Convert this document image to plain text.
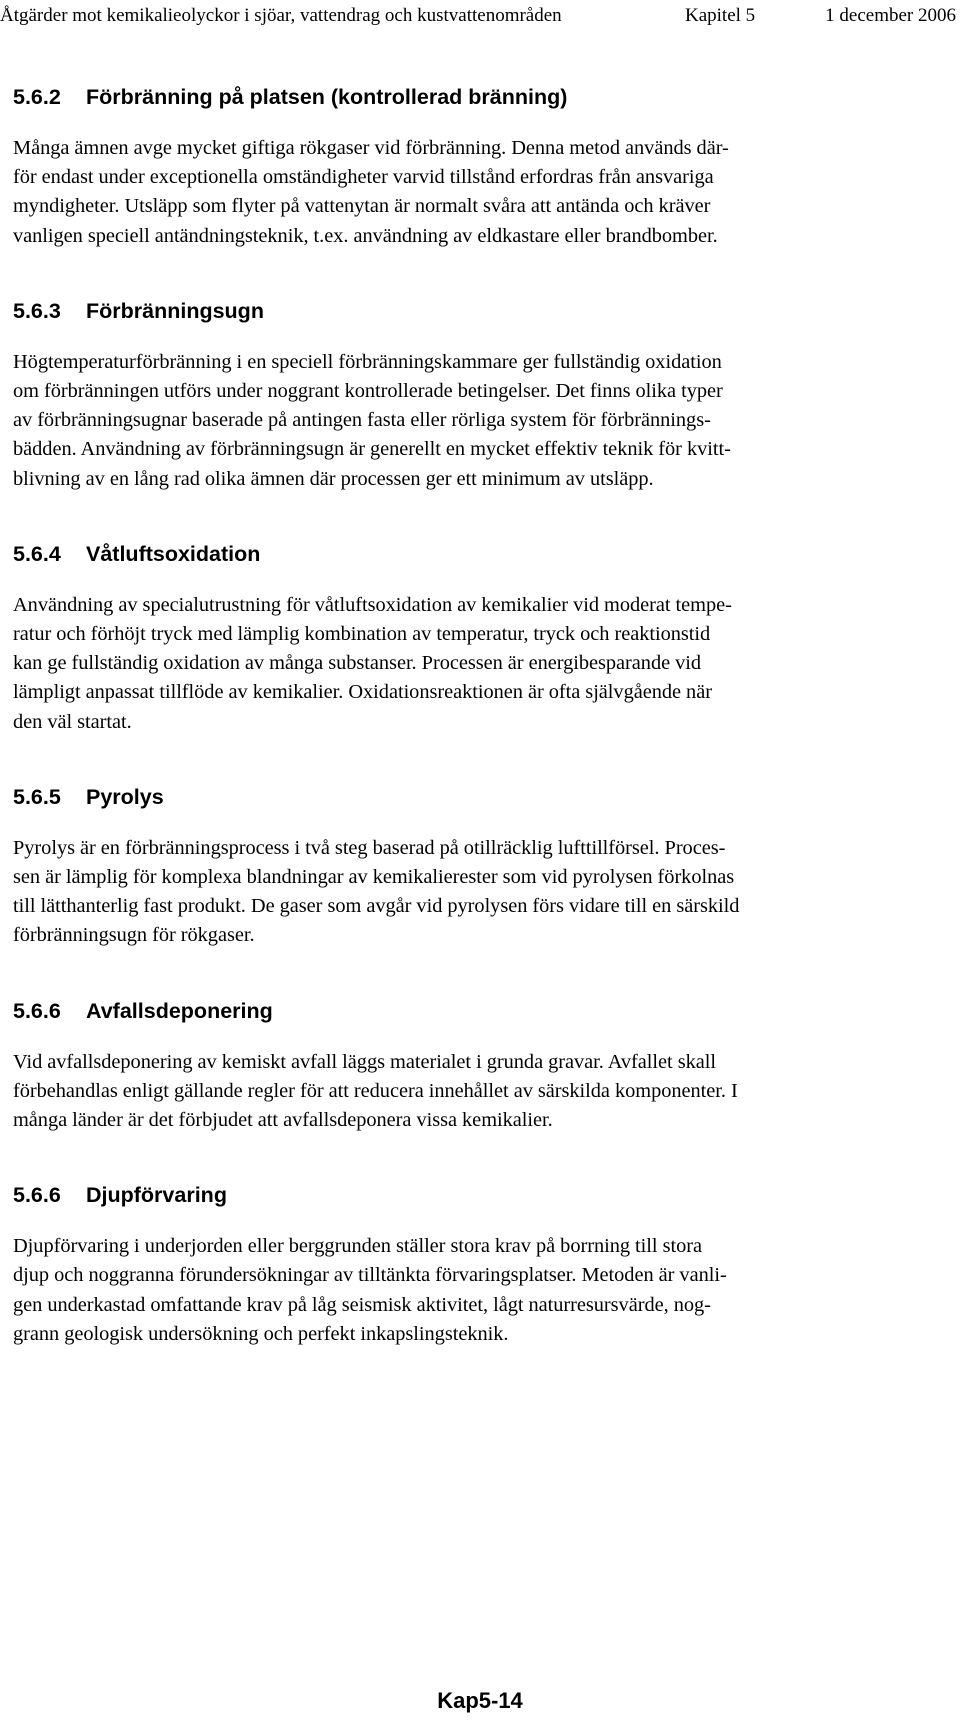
Åtgärder mot kemikalieolyckor i sjöar, vattendrag och kustvattenområden	Kapitel 5	1 december 2006
5.6.2 Förbränning på platsen (kontrollerad bränning)

Många ämnen avge mycket giftiga rökgaser vid förbränning. Denna metod används där-
för endast under exceptionella omständigheter varvid tillstånd erfordras från ansvariga
myndigheter. Utsläpp som flyter på vattenytan är normalt svåra att antända och kräver
vanligen speciell antändningsteknik, t.ex. användning av eldkastare eller brandbomber.

5.6.3 Förbränningsugn

Högtemperaturförbränning i en speciell förbränningskammare ger fullständig oxidation
om förbränningen utförs under noggrant kontrollerade betingelser. Det finns olika typer
av förbränningsugnar baserade på antingen fasta eller rörliga system för förbrännings-
bädden. Användning av förbränningsugn är generellt en mycket effektiv teknik för kvitt-
blivning av en lång rad olika ämnen där processen ger ett minimum av utsläpp.

5.6.4 Våtluftsoxidation

Användning av specialutrustning för våtluftsoxidation av kemikalier vid moderat tempe-
ratur och förhöjt tryck med lämplig kombination av temperatur, tryck och reaktionstid
kan ge fullständig oxidation av många substanser. Processen är energibesparande vid
lämpligt anpassat tillflöde av kemikalier. Oxidationsreaktionen är ofta självgående när
den väl startat.

5.6.5 Pyrolys

Pyrolys är en förbränningsprocess i två steg baserad på otillräcklig lufttillförsel. Proces-
sen är lämplig för komplexa blandningar av kemikalierester som vid pyrolysen förkolnas
till lätthanterlig fast produkt. De gaser som avgår vid pyrolysen förs vidare till en särskild
förbränningsugn för rökgaser.

5.6.6 Avfallsdeponering

Vid avfallsdeponering av kemiskt avfall läggs materialet i grunda gravar. Avfallet skall
förbehandlas enligt gällande regler för att reducera innehållet av särskilda komponenter. I
många länder är det förbjudet att avfallsdeponera vissa kemikalier.

5.6.6 Djupförvaring

Djupförvaring i underjorden eller berggrunden ställer stora krav på borrning till stora
djup och noggranna förundersökningar av tilltänkta förvaringsplatser. Metoden är vanli-
gen underkastad omfattande krav på låg seismisk aktivitet, lågt naturresursvärde, nog-
grann geologisk undersökning och perfekt inkapslingsteknik.

Kap5-14
